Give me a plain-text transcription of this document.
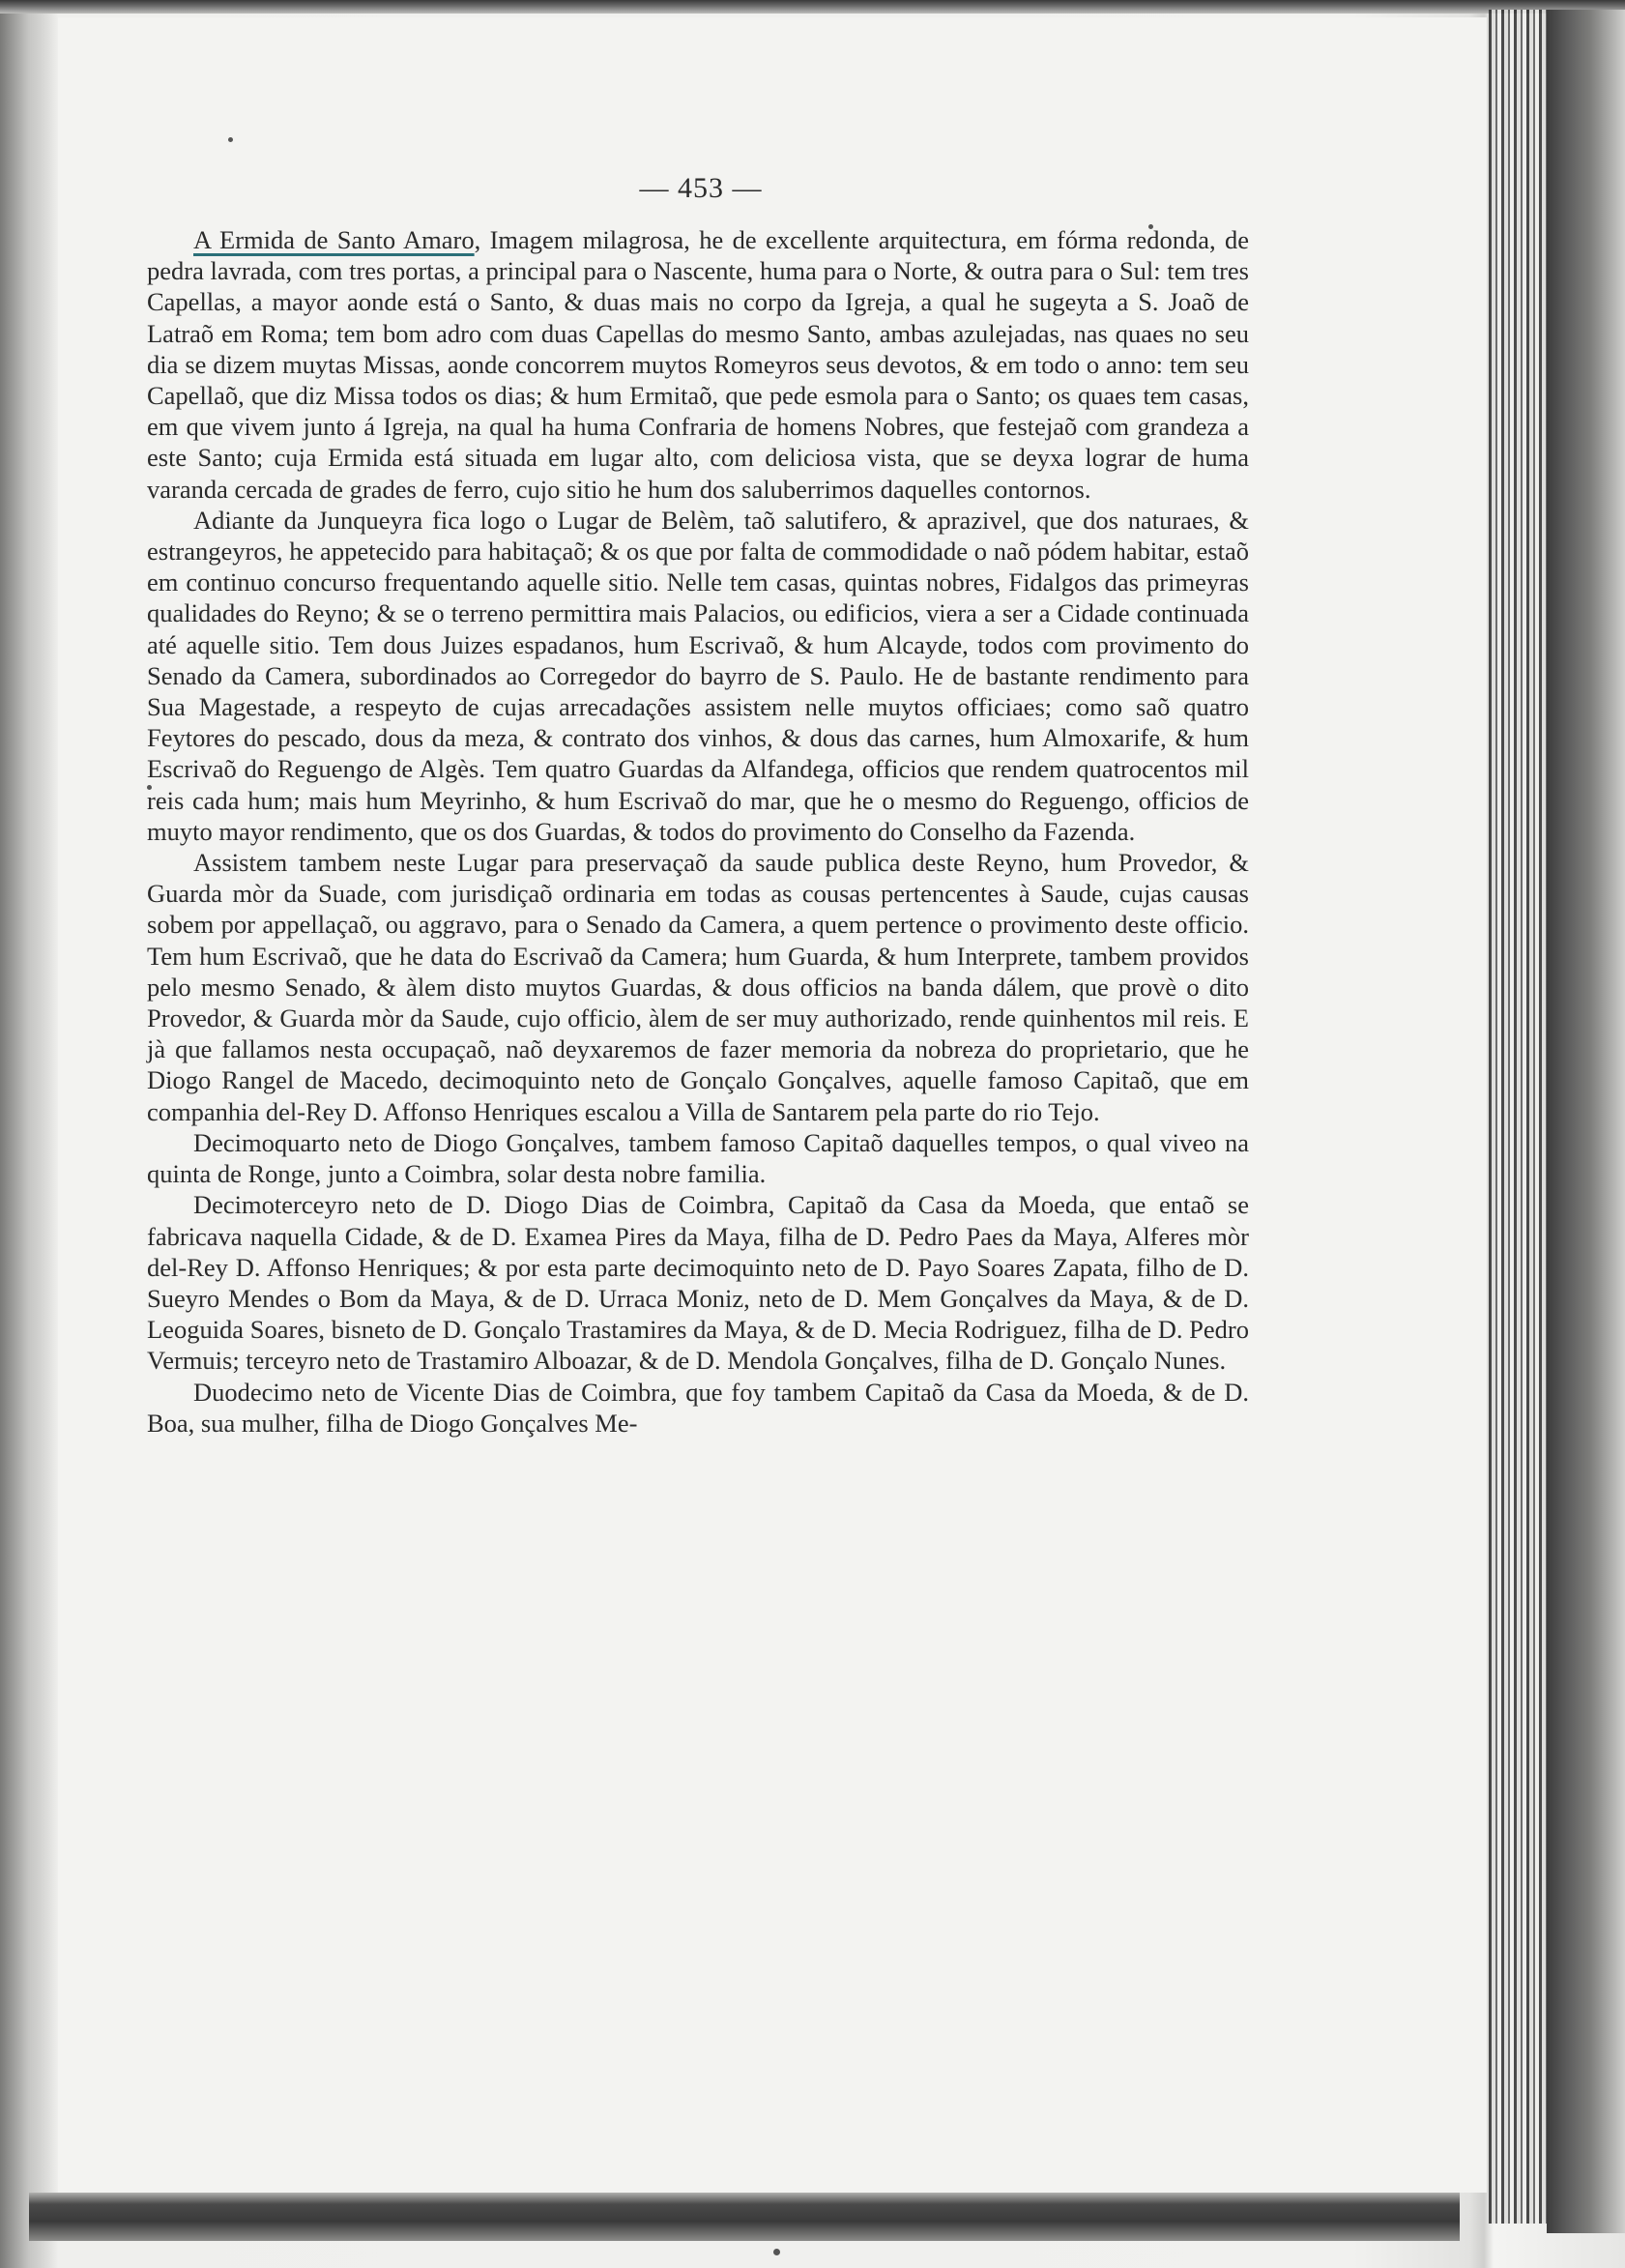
— 453 —

A Ermida de Santo Amaro, Imagem milagrosa, he de excellente arquitectura, em fórma redonda, de pedra lavrada, com tres portas, a principal para o Nascente, huma para o Norte, & outra para o Sul: tem tres Capellas, a mayor aonde está o Santo, & duas mais no corpo da Igreja, a qual he sugeyta a S. Joaõ de Latraõ em Roma; tem bom adro com duas Capellas do mesmo Santo, ambas azulejadas, nas quaes no seu dia se dizem muytas Missas, aonde concorrem muytos Romeyros seus devotos, & em todo o anno: tem seu Capellaõ, que diz Missa todos os dias; & hum Ermitaõ, que pede esmola para o Santo; os quaes tem casas, em que vivem junto á Igreja, na qual ha huma Confraria de homens Nobres, que festejaõ com grandeza a este Santo; cuja Ermida está situada em lugar alto, com deliciosa vista, que se deyxa lograr de huma varanda cercada de grades de ferro, cujo sitio he hum dos saluberrimos daquelles contornos.

Adiante da Junqueyra fica logo o Lugar de Belèm, taõ salutifero, & aprazivel, que dos naturaes, & estrangeyros, he appetecido para habitaçaõ; & os que por falta de commodidade o naõ pódem habitar, estaõ em continuo concurso frequentando aquelle sitio. Nelle tem casas, quintas nobres, Fidalgos das primeyras qualidades do Reyno; & se o terreno permittira mais Palacios, ou edificios, viera a ser a Cidade continuada até aquelle sitio. Tem dous Juizes espadanos, hum Escrivaõ, & hum Alcayde, todos com provimento do Senado da Camera, subordinados ao Corregedor do bayrro de S. Paulo. He de bastante rendimento para Sua Magestade, a respeyto de cujas arrecadações assistem nelle muytos officiaes; como saõ quatro Feytores do pescado, dous da meza, & contrato dos vinhos, & dous das carnes, hum Almoxarife, & hum Escrivaõ do Reguengo de Algès. Tem quatro Guardas da Alfandega, officios que rendem quatrocentos mil reis cada hum; mais hum Meyrinho, & hum Escrivaõ do mar, que he o mesmo do Reguengo, officios de muyto mayor rendimento, que os dos Guardas, & todos do provimento do Conselho da Fazenda.

Assistem tambem neste Lugar para preservaçaõ da saude publica deste Reyno, hum Provedor, & Guarda mòr da Suade, com jurisdiçaõ ordinaria em todas as cousas pertencentes à Saude, cujas causas sobem por appellaçaõ, ou aggravo, para o Senado da Camera, a quem pertence o provimento deste officio. Tem hum Escrivaõ, que he data do Escrivaõ da Camera; hum Guarda, & hum Interprete, tambem providos pelo mesmo Senado, & àlem disto muytos Guardas, & dous officios na banda dálem, que provè o dito Provedor, & Guarda mòr da Saude, cujo officio, àlem de ser muy authorizado, rende quinhentos mil reis. E jà que fallamos nesta occupaçaõ, naõ deyxaremos de fazer memoria da nobreza do proprietario, que he Diogo Rangel de Macedo, decimoquinto neto de Gonçalo Gonçalves, aquelle famoso Capitaõ, que em companhia del-Rey D. Affonso Henriques escalou a Villa de Santarem pela parte do rio Tejo.

Decimoquarto neto de Diogo Gonçalves, tambem famoso Capitaõ daquelles tempos, o qual viveo na quinta de Ronge, junto a Coimbra, solar desta nobre familia.

Decimoterceyro neto de D. Diogo Dias de Coimbra, Capitaõ da Casa da Moeda, que entaõ se fabricava naquella Cidade, & de D. Examea Pires da Maya, filha de D. Pedro Paes da Maya, Alferes mòr del-Rey D. Affonso Henriques; & por esta parte decimoquinto neto de D. Payo Soares Zapata, filho de D. Sueyro Mendes o Bom da Maya, & de D. Urraca Moniz, neto de D. Mem Gonçalves da Maya, & de D. Leoguida Soares, bisneto de D. Gonçalo Trastamires da Maya, & de D. Mecia Rodriguez, filha de D. Pedro Vermuis; terceyro neto de Trastamiro Alboazar, & de D. Mendola Gonçalves, filha de D. Gonçalo Nunes.

Duodecimo neto de Vicente Dias de Coimbra, que foy tambem Capitaõ da Casa da Moeda, & de D. Boa, sua mulher, filha de Diogo Gonçalves Me-
